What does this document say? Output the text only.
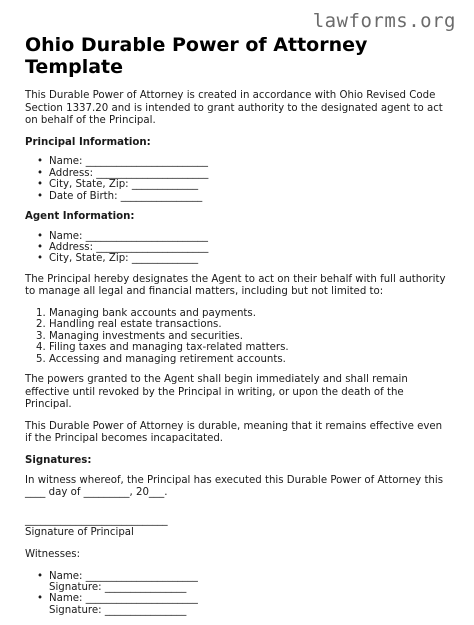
lawforms.org
Ohio Durable Power of Attorney Template

This Durable Power of Attorney is created in accordance with Ohio Revised Code Section 1337.20 and is intended to grant authority to the designated agent to act on behalf of the Principal.

Principal Information:
• Name: ________________________
• Address: ______________________
• City, State, Zip: _____________
• Date of Birth: ________________
Agent Information:
• Name: ________________________
• Address: ______________________
• City, State, Zip: _____________

The Principal hereby designates the Agent to act on their behalf with full authority to manage all legal and financial matters, including but not limited to:

1. Managing bank accounts and payments.
2. Handling real estate transactions.
3. Managing investments and securities.
4. Filing taxes and managing tax-related matters.
5. Accessing and managing retirement accounts.

The powers granted to the Agent shall begin immediately and shall remain effective until revoked by the Principal in writing, or upon the death of the Principal.

This Durable Power of Attorney is durable, meaning that it remains effective even if the Principal becomes incapacitated.

Signatures:

In witness whereof, the Principal has executed this Durable Power of Attorney this ____ day of _________, 20___.

____________________________

Signature of Principal

Witnesses:

• Name: ______________________
Signature: ________________
• Name: ______________________
Signature: ________________
